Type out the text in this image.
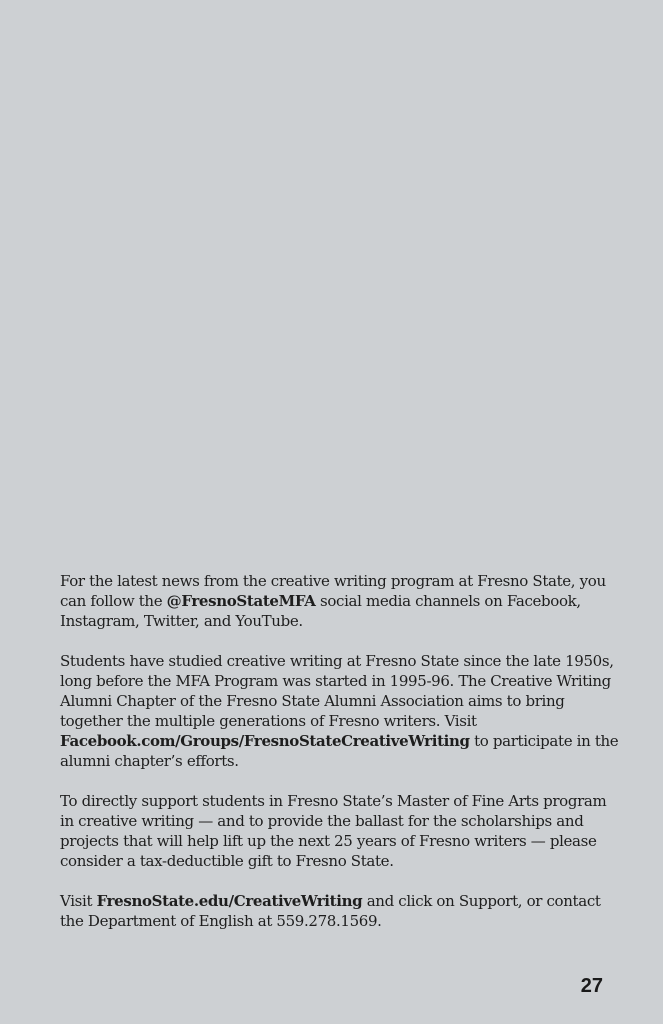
For the latest news from the creative writing program at Fresno State, you can follow the @FresnoStateMFA social media channels on Facebook, Instagram, Twitter, and YouTube.

Students have studied creative writing at Fresno State since the late 1950s, long before the MFA Program was started in 1995-96. The Creative Writing Alumni Chapter of the Fresno State Alumni Association aims to bring together the multiple generations of Fresno writers. Visit Facebook.com/Groups/FresnoStateCreativeWriting to participate in the alumni chapter’s efforts.

To directly support students in Fresno State’s Master of Fine Arts program in creative writing — and to provide the ballast for the scholarships and projects that will help lift up the next 25 years of Fresno writers — please consider a tax-deductible gift to Fresno State.

Visit FresnoState.edu/CreativeWriting and click on Support, or contact the Department of English at 559.278.1569.

27
